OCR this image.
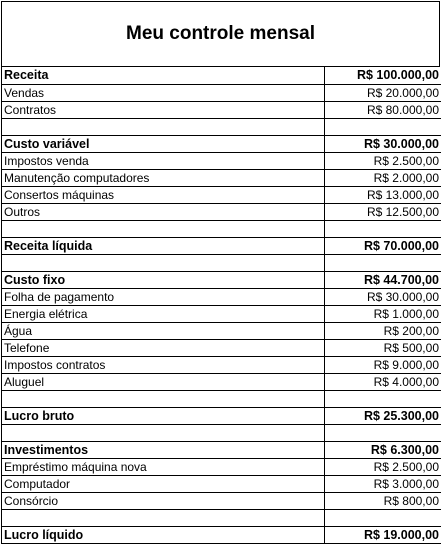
Meu controle mensal
Receita	R$ 100.000,00
Vendas	R$ 20.000,00
Contratos	R$ 80.000,00

Custo variável	R$ 30.000,00
Impostos venda	R$ 2.500,00
Manutenção computadores	R$ 2.000,00
Consertos máquinas	R$ 13.000,00
Outros	R$ 12.500,00

Receita líquida	R$ 70.000,00

Custo fixo	R$ 44.700,00
Folha de pagamento	R$ 30.000,00
Energia elétrica	R$ 1.000,00
Água	R$ 200,00
Telefone	R$ 500,00
Impostos contratos	R$ 9.000,00
Aluguel	R$ 4.000,00

Lucro bruto	R$ 25.300,00

Investimentos	R$ 6.300,00
Empréstimo máquina nova	R$ 2.500,00
Computador	R$ 3.000,00
Consórcio	R$ 800,00

Lucro líquido	R$ 19.000,00
